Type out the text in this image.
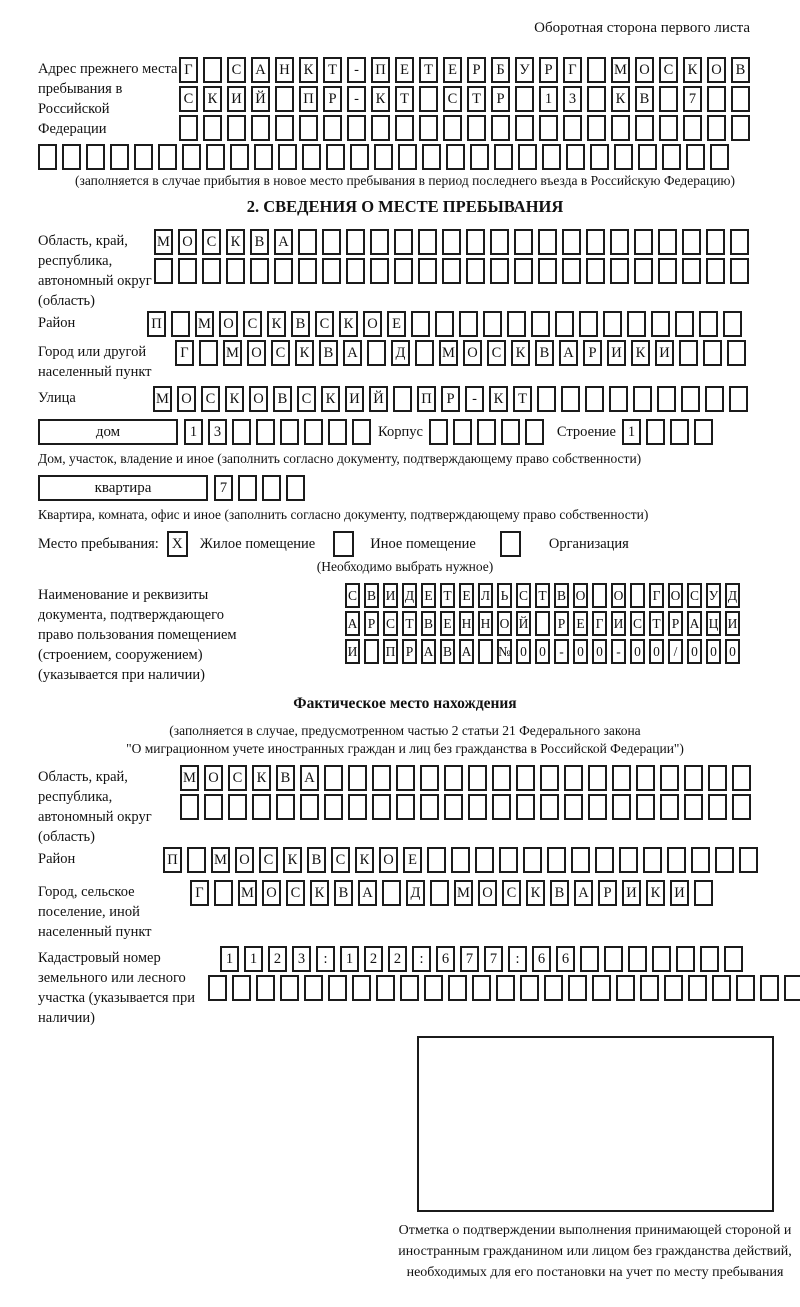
Оборотная сторона первого листа
Адрес прежнего места пребывания в Российской Федерации
Г	С А Н К	Т	-	П Е	Т	Е	Р	Б	У	Р	Г	М О С К О В
С К И Й	П	Р	-	К	Т	С	Т	Р	1	3	К В	7
(заполняется в случае прибытия в новое место пребывания в период последнего въезда в Российскую Федерацию)
2. СВЕДЕНИЯ О МЕСТЕ ПРЕБЫВАНИЯ
Область, край, республика, автономный округ (область)
М О С К В А
Район	П	М О С К В С К О Е
Город или другой населенный пункт
Г	М О С К В А	Д	М О С К В А	Р	И К И
Улица	М О С К О В С К И Й	П	Р	-	К	Т
дом	1	3	Корпус	Строение 1
Дом, участок, владение и иное (заполнить согласно документу, подтверждающему право собственности)
квартира	7
Квартира, комната, офис и иное (заполнить согласно документу, подтверждающему право собственности)
Место пребывания: X	Жилое помещение	Иное помещение	Организация
(Необходимо выбрать нужное)
Наименование и реквизиты документа, подтверждающего право пользования помещением (строением, сооружением) (указывается при наличии)
С В И Д Е Т Е Л Ь С Т В О О Г О С У Д
А Р С Т В Е Н Н О Й Р Е Г И С Т Р А Ц И
И П Р А В А № 0 0 - 0 0 - 0 0	/	0 0 0
Фактическое место нахождения
(заполняется в случае, предусмотренном частью 2 статьи 21 Федерального закона
"О миграционном учете иностранных граждан и лиц без гражданства в Российской Федерации")
Область, край, республика, автономный округ (область)
М О С К В А
Район	П	М О С К В С К О Е
Город, сельское поселение, иной населенный пункт
Г	М О С К В А	Д	М О С К В А	Р	И К И
Кадастровый номер земельного или лесного участка (указывается при наличии)
1	1	2	3	:	1	2	2	:	6	7	7	:	6	6
Отметка о подтверждении выполнения принимающей стороной и иностранным гражданином или лицом без гражданства действий, необходимых для его постановки на учет по месту пребывания
